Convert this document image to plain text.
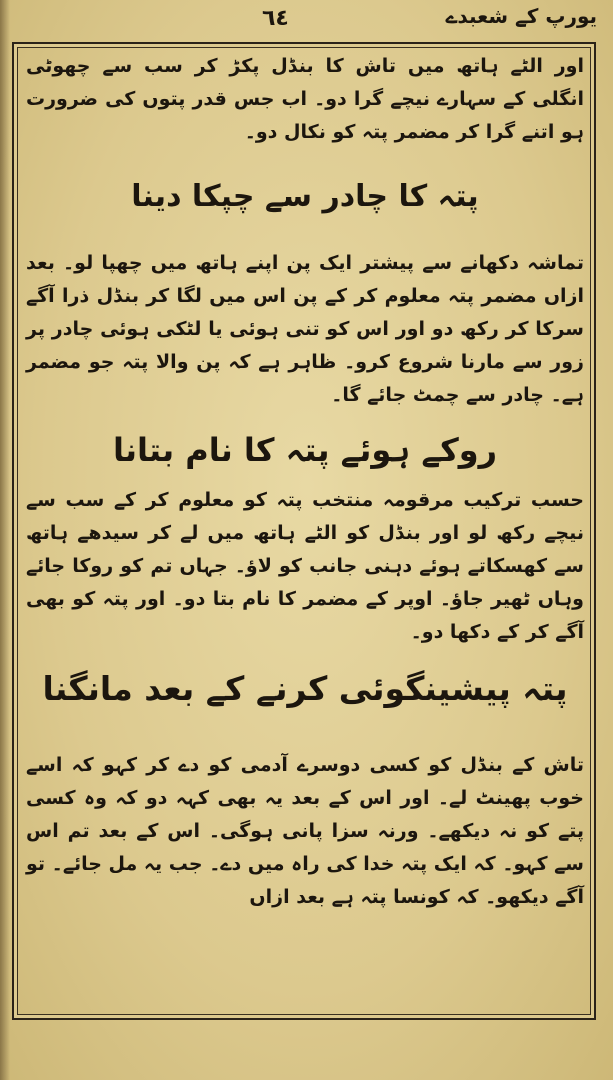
٦٤	یورپ کے شعبدے

اور الٹے ہاتھ میں تاش کا بنڈل پکڑ کر سب سے چھوٹی انگلی کے سہارے نیچے گرا دو۔ اب جس قدر پتوں کی ضرورت ہو اتنے گرا کر مضمر پتہ کو نکال دو۔

پتہ کا چادر سے چپکا دینا

تماشہ دکھانے سے پیشتر ایک پن اپنے ہاتھ میں چھپا لو۔ بعد ازاں مضمر پتہ معلوم کر کے پن اس میں لگا کر بنڈل ذرا آگے سرکا کر رکھ دو اور اس کو تنی ہوئی یا لٹکی ہوئی چادر پر زور سے مارنا شروع کرو۔ ظاہر ہے کہ پن والا پتہ جو مضمر ہے۔ چادر سے چمٹ جائے گا۔

روکے ہوئے پتہ کا نام بتانا

حسب ترکیب مرقومہ منتخب پتہ کو معلوم کر کے سب سے نیچے رکھ لو اور بنڈل کو الٹے ہاتھ میں لے کر سیدھے ہاتھ سے کھسکاتے ہوئے دہنی جانب کو لاؤ۔ جہاں تم کو روکا جائے وہاں ٹھیر جاؤ۔ اوپر کے مضمر کا نام بتا دو۔ اور پتہ کو بھی آگے کر کے دکھا دو۔

پتہ پیشینگوئی کرنے کے بعد مانگنا

تاش کے بنڈل کو کسی دوسرے آدمی کو دے کر کہو کہ اسے خوب پھینٹ لے۔ اور اس کے بعد یہ بھی کہہ دو کہ وہ کسی پتے کو نہ دیکھے۔ ورنہ سزا پانی ہوگی۔ اس کے بعد تم اس سے کہو۔ کہ ایک پتہ خدا کی راہ میں دے۔ جب یہ مل جائے۔ تو آگے دیکھو۔ کہ کونسا پتہ ہے بعد ازاں
